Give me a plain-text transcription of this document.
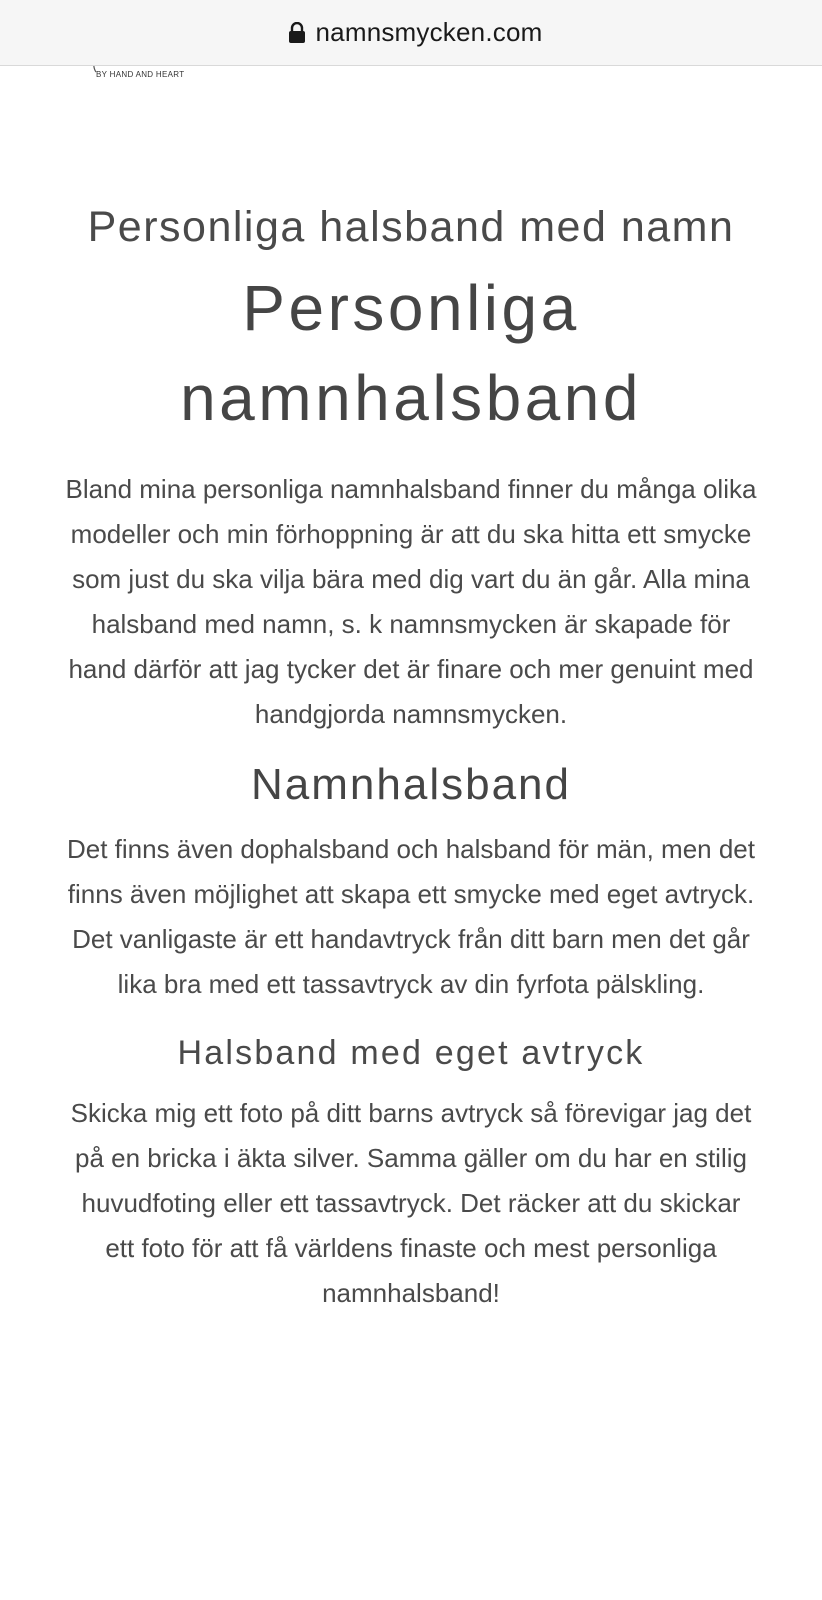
namnsmycken.com
BY HAND AND HEART
Personliga halsband med namn
Personliga namnhalsband

Bland mina personliga namnhalsband finner du många olika modeller och min förhoppning är att du ska hitta ett smycke som just du ska vilja bära med dig vart du än går. Alla mina halsband med namn, s. k namnsmycken är skapade för hand därför att jag tycker det är finare och mer genuint med handgjorda namnsmycken.

Namnhalsband

Det finns även dophalsband och halsband för män, men det finns även möjlighet att skapa ett smycke med eget avtryck. Det vanligaste är ett handavtryck från ditt barn men det går lika bra med ett tassavtryck av din fyrfota pälskling.

Halsband med eget avtryck

Skicka mig ett foto på ditt barns avtryck så förevigar jag det på en bricka i äkta silver. Samma gäller om du har en stilig huvudfoting eller ett tassavtryck. Det räcker att du skickar ett foto för att få världens finaste och mest personliga namnhalsband!
